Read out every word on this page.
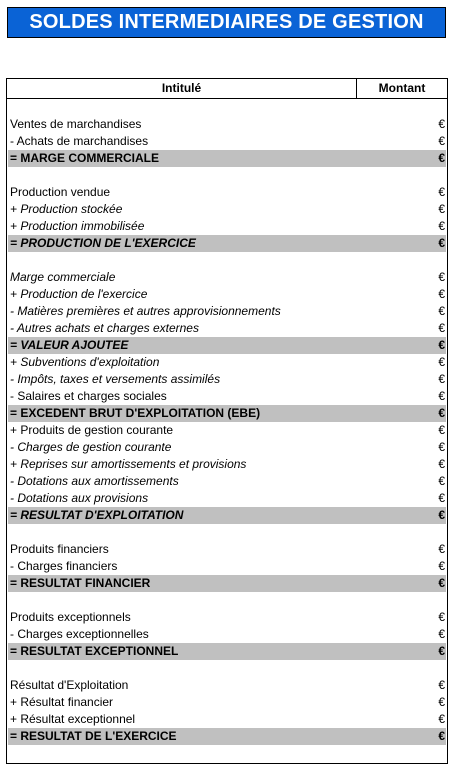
SOLDES INTERMEDIAIRES DE GESTION
Intitulé	Montant
Ventes de marchandises	€
- Achats de marchandises	€
= MARGE COMMERCIALE	€
Production vendue	€
+ Production stockée	€
+ Production immobilisée	€
= PRODUCTION DE L'EXERCICE	€
Marge commerciale	€
+ Production de l'exercice	€
- Matières premières et autres approvisionnements	€
- Autres achats et charges externes	€
= VALEUR AJOUTEE	€
+ Subventions d'exploitation	€
- Impôts, taxes et versements assimilés	€
- Salaires et charges sociales	€
= EXCEDENT BRUT D'EXPLOITATION (EBE)	€
+ Produits de gestion courante	€
- Charges de gestion courante	€
+ Reprises sur amortissements et provisions	€
- Dotations aux amortissements	€
- Dotations aux provisions	€
= RESULTAT D'EXPLOITATION	€
Produits financiers	€
- Charges financiers	€
= RESULTAT FINANCIER	€
Produits exceptionnels	€
- Charges exceptionnelles	€
= RESULTAT EXCEPTIONNEL	€
Résultat d'Exploitation	€
+ Résultat financier	€
+ Résultat exceptionnel	€
= RESULTAT DE L'EXERCICE	€
